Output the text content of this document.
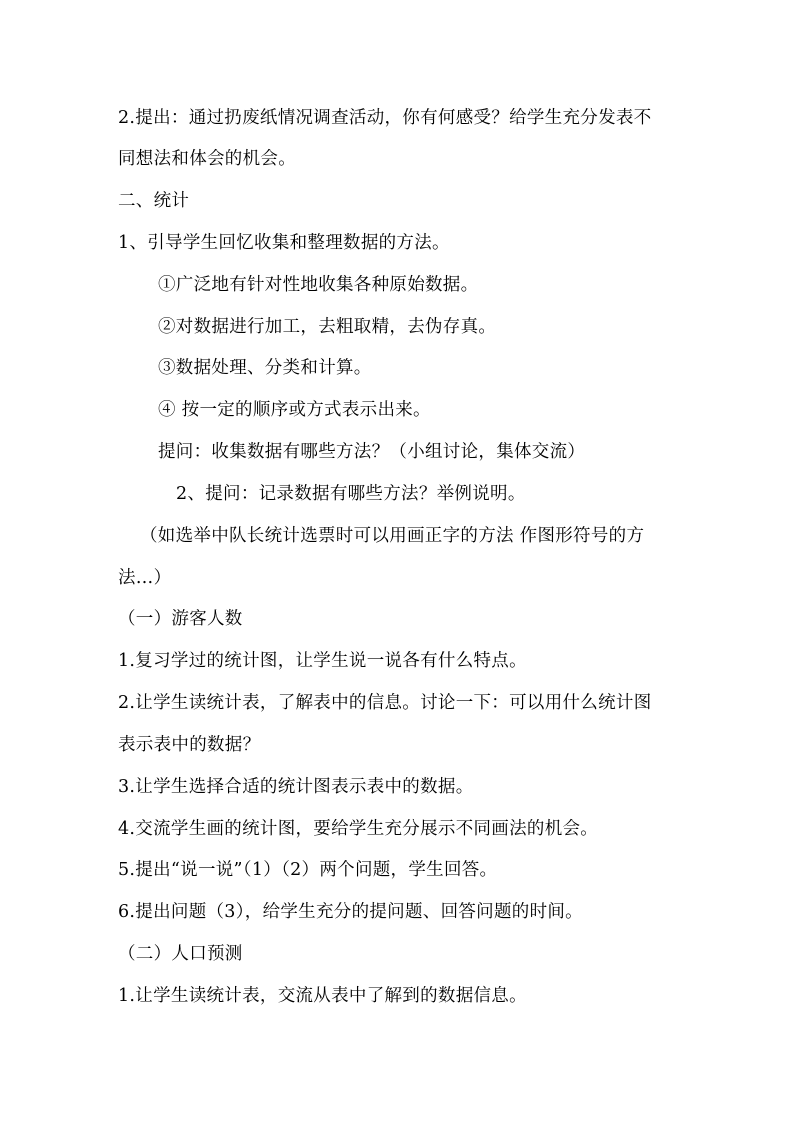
2.提出：通过扔废纸情况调查活动，你有何感受？给学生充分发表不
同想法和体会的机会。
二、统计
1、引导学生回忆收集和整理数据的方法。
①广泛地有针对性地收集各种原始数据。
②对数据进行加工，去粗取精，去伪存真。
③数据处理、分类和计算。
④ 按一定的顺序或方式表示出来。
提问：收集数据有哪些方法？（小组讨论，集体交流）
2、提问：记录数据有哪些方法？举例说明。
（如选举中队长统计选票时可以用画正字的方法 作图形符号的方
法…）
（一）游客人数
1.复习学过的统计图，让学生说一说各有什么特点。
2.让学生读统计表，了解表中的信息。讨论一下：可以用什么统计图
表示表中的数据？
3.让学生选择合适的统计图表示表中的数据。
4.交流学生画的统计图，要给学生充分展示不同画法的机会。
5.提出“说一说”（1）（2）两个问题，学生回答。
6.提出问题（3），给学生充分的提问题、回答问题的时间。
（二）人口预测
1.让学生读统计表，交流从表中了解到的数据信息。
